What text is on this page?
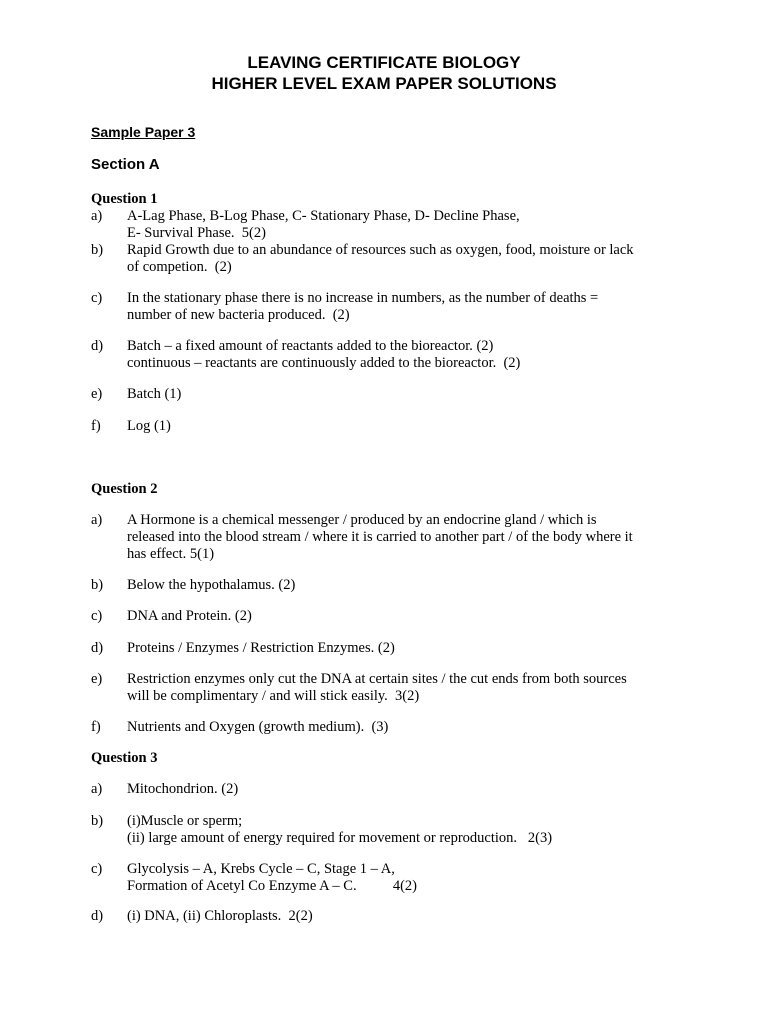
LEAVING CERTIFICATE BIOLOGY
HIGHER LEVEL EXAM PAPER SOLUTIONS
Sample Paper 3
Section A
Question 1
a) A-Lag Phase, B-Log Phase, C- Stationary Phase, D- Decline Phase,
E- Survival Phase.  5(2)
b) Rapid Growth due to an abundance of resources such as oxygen, food, moisture or lack
of competion.  (2)
c) In the stationary phase there is no increase in numbers, as the number of deaths =
number of new bacteria produced.  (2)
d) Batch – a fixed amount of reactants added to the bioreactor. (2)
continuous – reactants are continuously added to the bioreactor.  (2)
e) Batch (1)
f) Log (1)
Question 2
a) A Hormone is a chemical messenger / produced by an endocrine gland / which is
released into the blood stream / where it is carried to another part / of the body where it
has effect. 5(1)
b) Below the hypothalamus. (2)
c) DNA and Protein. (2)
d) Proteins / Enzymes / Restriction Enzymes. (2)
e) Restriction enzymes only cut the DNA at certain sites / the cut ends from both sources
will be complimentary / and will stick easily.  3(2)
f) Nutrients and Oxygen (growth medium).  (3)
Question 3
a) Mitochondrion. (2)
b) (i)Muscle or sperm;
(ii) large amount of energy required for movement or reproduction.   2(3)
c) Glycolysis – A, Krebs Cycle – C, Stage 1 – A,
Formation of Acetyl Co Enzyme A – C.          4(2)
d) (i) DNA, (ii) Chloroplasts.  2(2)
